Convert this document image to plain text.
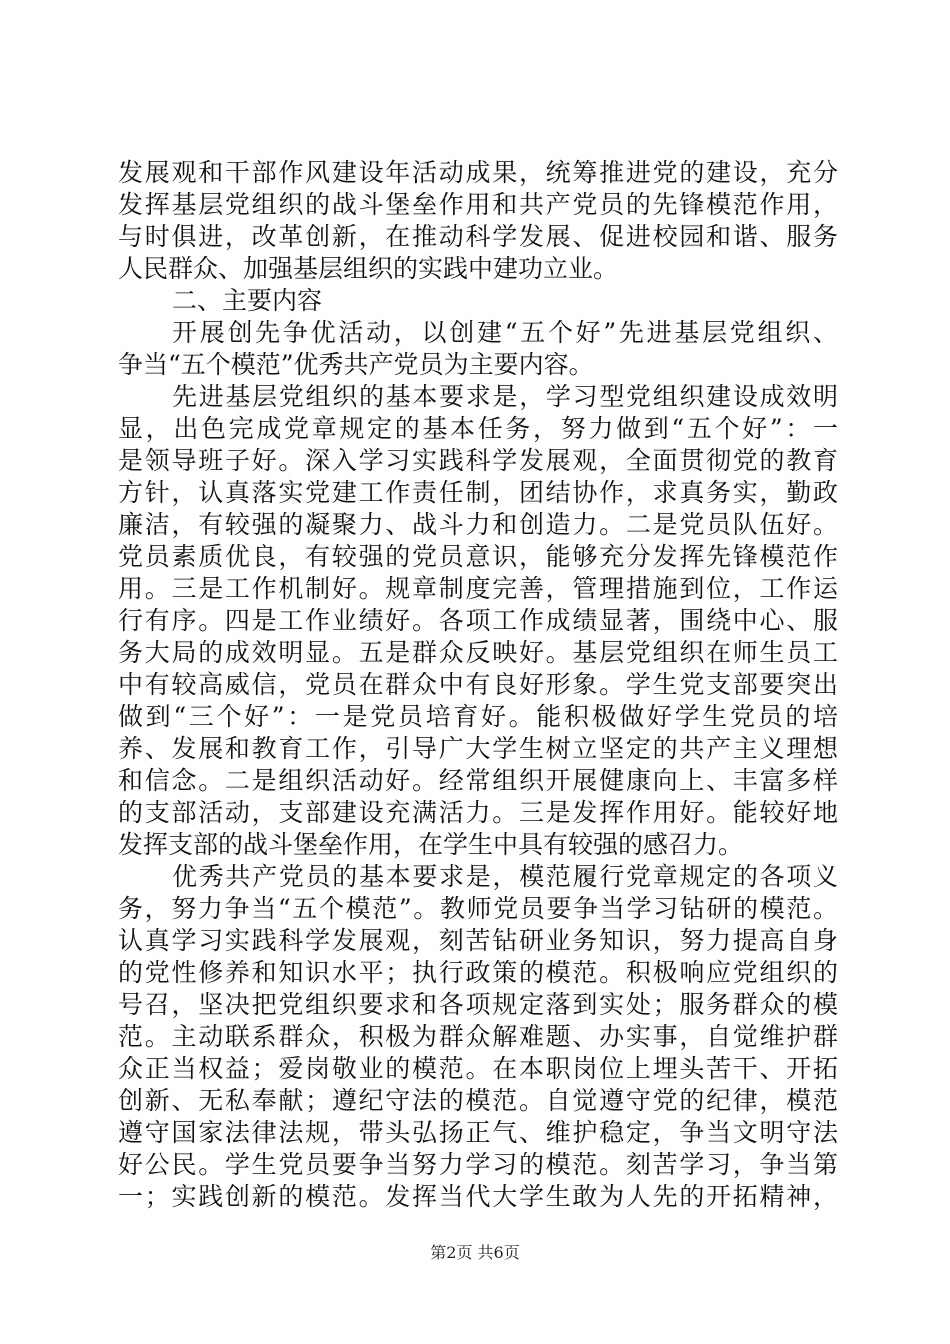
发展观和干部作风建设年活动成果，统筹推进党的建设，充分
发挥基层党组织的战斗堡垒作用和共产党员的先锋模范作用，
与时俱进，改革创新，在推动科学发展、促进校园和谐、服务
人民群众、加强基层组织的实践中建功立业。
二、主要内容
开展创先争优活动，以创建“五个好”先进基层党组织、
争当“五个模范”优秀共产党员为主要内容。
先进基层党组织的基本要求是，学习型党组织建设成效明
显，出色完成党章规定的基本任务，努力做到“五个好”：一
是领导班子好。深入学习实践科学发展观，全面贯彻党的教育
方针，认真落实党建工作责任制，团结协作，求真务实，勤政
廉洁，有较强的凝聚力、战斗力和创造力。二是党员队伍好。
党员素质优良，有较强的党员意识，能够充分发挥先锋模范作
用。三是工作机制好。规章制度完善，管理措施到位，工作运
行有序。四是工作业绩好。各项工作成绩显著，围绕中心、服
务大局的成效明显。五是群众反映好。基层党组织在师生员工
中有较高威信，党员在群众中有良好形象。学生党支部要突出
做到“三个好”：一是党员培育好。能积极做好学生党员的培
养、发展和教育工作，引导广大学生树立坚定的共产主义理想
和信念。二是组织活动好。经常组织开展健康向上、丰富多样
的支部活动，支部建设充满活力。三是发挥作用好。能较好地
发挥支部的战斗堡垒作用，在学生中具有较强的感召力。
优秀共产党员的基本要求是，模范履行党章规定的各项义
务，努力争当“五个模范”。教师党员要争当学习钻研的模范。
认真学习实践科学发展观，刻苦钻研业务知识，努力提高自身
的党性修养和知识水平；执行政策的模范。积极响应党组织的
号召，坚决把党组织要求和各项规定落到实处；服务群众的模
范。主动联系群众，积极为群众解难题、办实事，自觉维护群
众正当权益；爱岗敬业的模范。在本职岗位上埋头苦干、开拓
创新、无私奉献；遵纪守法的模范。自觉遵守党的纪律，模范
遵守国家法律法规，带头弘扬正气、维护稳定，争当文明守法
好公民。学生党员要争当努力学习的模范。刻苦学习，争当第
一；实践创新的模范。发挥当代大学生敢为人先的开拓精神，
第2页 共6页
